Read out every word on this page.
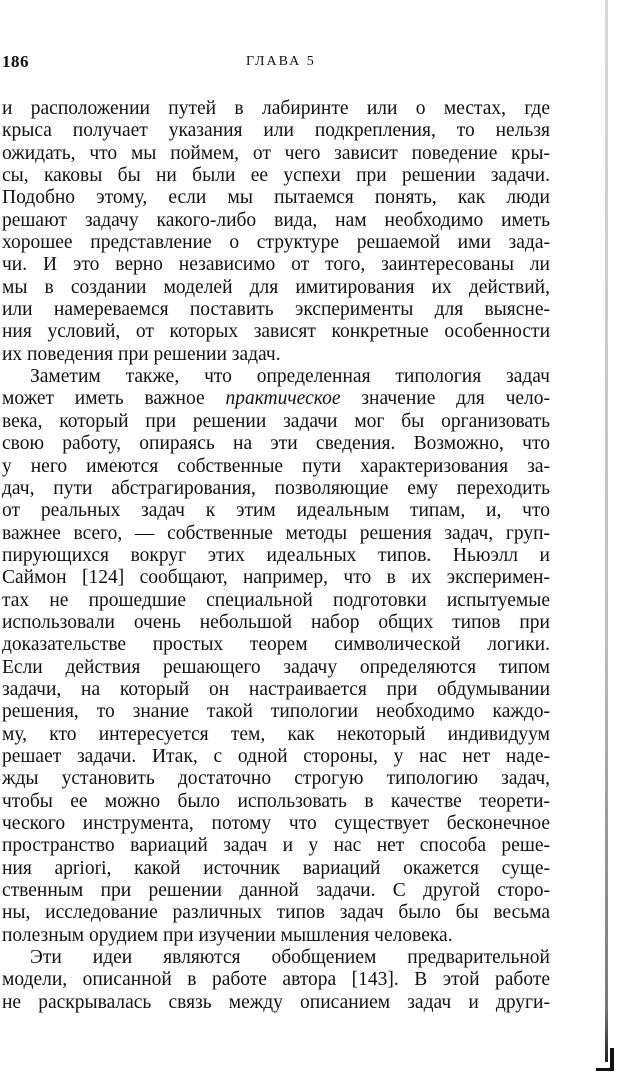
186	ГЛАВА 5
и расположении путей в лабиринте или о местах, где
крыса получает указания или подкрепления, то нельзя
ожидать, что мы поймем, от чего зависит поведение кры-
сы, каковы бы ни были ее успехи при решении задачи.
Подобно этому, если мы пытаемся понять, как люди
решают задачу какого-либо вида, нам необходимо иметь
хорошее представление о структуре решаемой ими зада-
чи. И это верно независимо от того, заинтересованы ли
мы в создании моделей для имитирования их действий,
или намереваемся поставить эксперименты для выясне-
ния условий, от которых зависят конкретные особенности
их поведения при решении задач.
Заметим также, что определенная типология задач
может иметь важное практическое значение для чело-
века, который при решении задачи мог бы организовать
свою работу, опираясь на эти сведения. Возможно, что
у него имеются собственные пути характеризования за-
дач, пути абстрагирования, позволяющие ему переходить
от реальных задач к этим идеальным типам, и, что
важнее всего, — собственные методы решения задач, груп-
пирующихся вокруг этих идеальных типов. Ньюэлл и
Саймон [124] сообщают, например, что в их эксперимен-
тах не прошедшие специальной подготовки испытуемые
использовали очень небольшой набор общих типов при
доказательстве простых теорем символической логики.
Если действия решающего задачу определяются типом
задачи, на который он настраивается при обдумывании
решения, то знание такой типологии необходимо каждо-
му, кто интересуется тем, как некоторый индивидуум
решает задачи. Итак, с одной стороны, у нас нет наде-
жды установить достаточно строгую типологию задач,
чтобы ее можно было использовать в качестве теорети-
ческого инструмента, потому что существует бесконечное
пространство вариаций задач и у нас нет способа реше-
ния apriori, какой источник вариаций окажется суще-
ственным при решении данной задачи. С другой сторо-
ны, исследование различных типов задач было бы весьма
полезным орудием при изучении мышления человека.
Эти идеи являются обобщением предварительной
модели, описанной в работе автора [143]. В этой работе
не раскрывалась связь между описанием задач и други-
